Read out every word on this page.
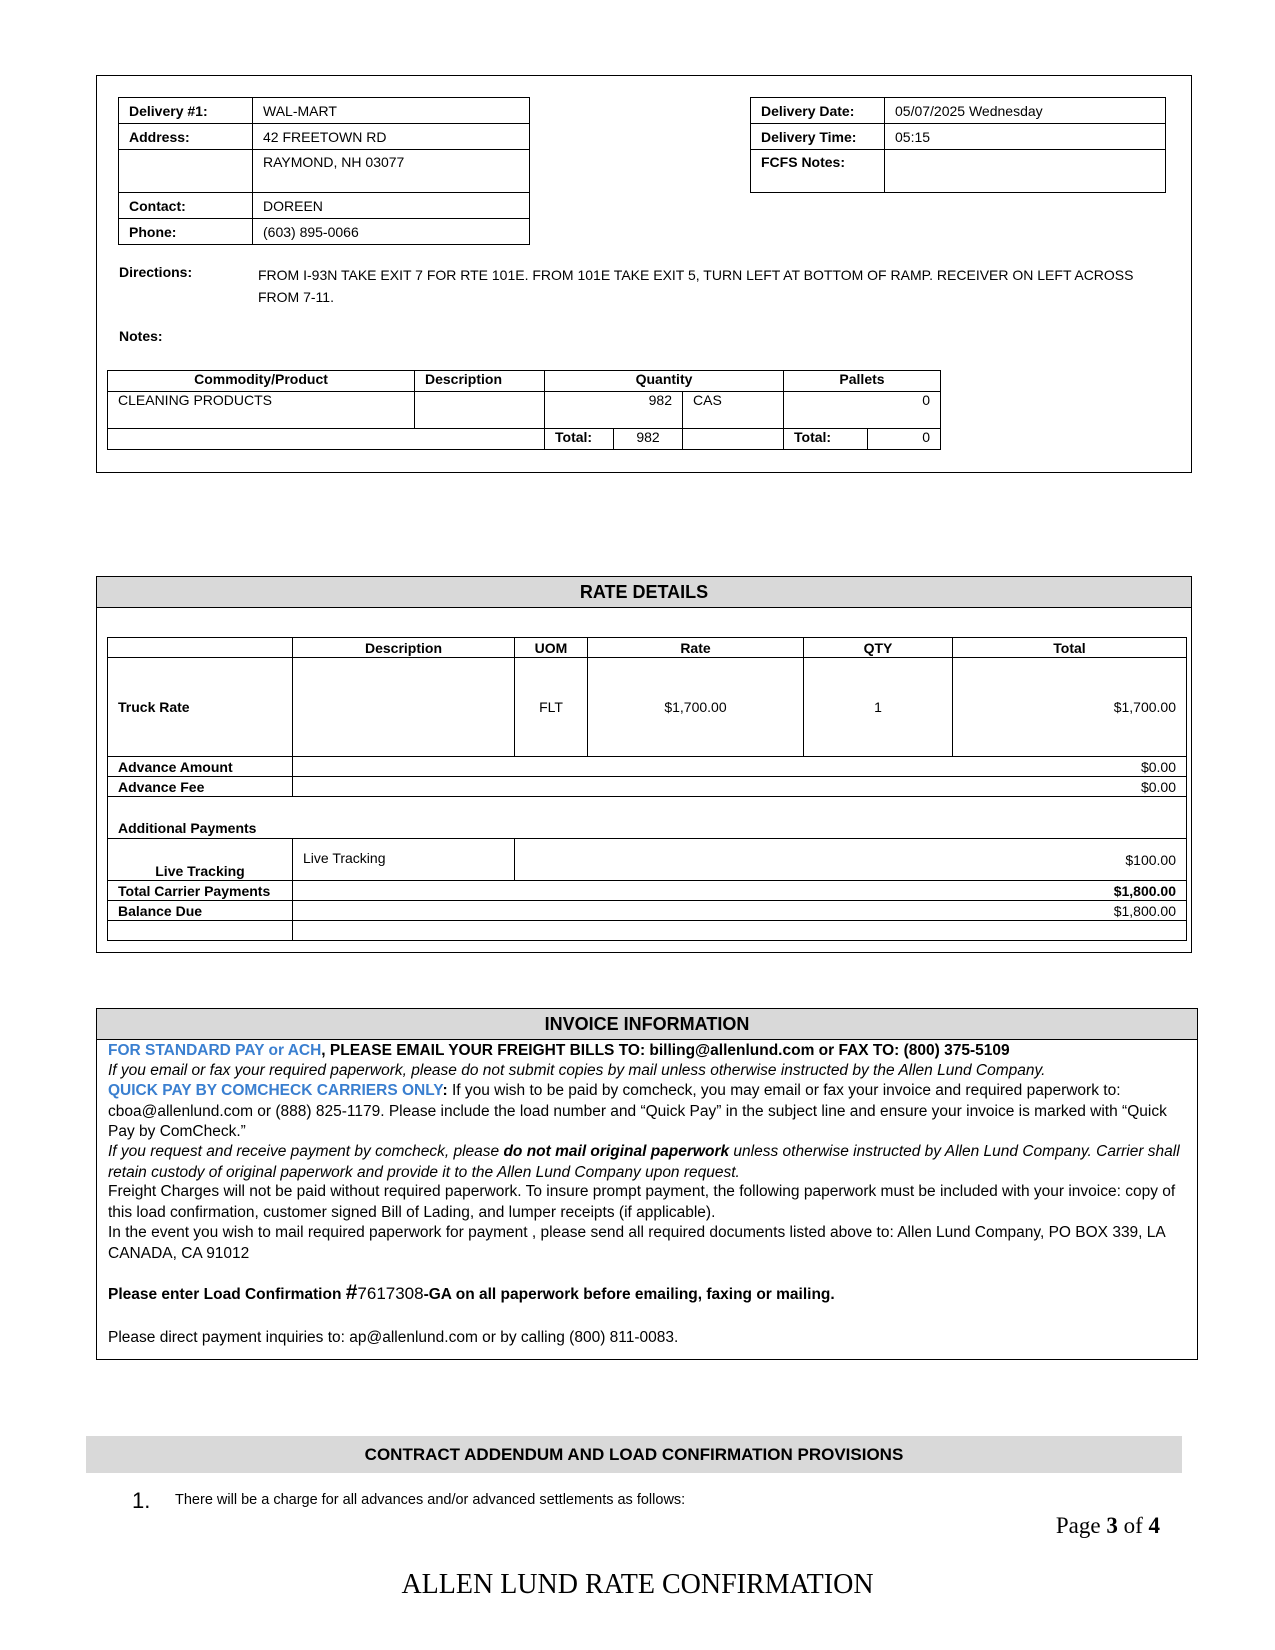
Delivery #1:	WAL-MART
Address:	42 FREETOWN RD
	RAYMOND, NH 03077
Contact:	DOREEN
Phone:	(603) 895-0066
Delivery Date:	05/07/2025 Wednesday
Delivery Time:	05:15
FCFS Notes:	
Directions:	FROM I-93N TAKE EXIT 7 FOR RTE 101E. FROM 101E TAKE EXIT 5, TURN LEFT AT BOTTOM OF RAMP. RECEIVER ON LEFT ACROSS FROM 7-11.
Notes:
Commodity/Product	Description	Quantity			Pallets	
CLEANING PRODUCTS		982		CAS	0	
		Total:	982		Total:	0
RATE DETAILS
	Description	UOM	Rate	QTY	Total
Truck Rate		FLT	$1,700.00	1	$1,700.00
Advance Amount	$0.00				
Advance Fee	$0.00				
Additional Payments					
Live Tracking	Live Tracking	$100.00			
Total Carrier Payments	$1,800.00				
Balance Due	$1,800.00				

INVOICE INFORMATION
FOR STANDARD PAY or ACH, PLEASE EMAIL YOUR FREIGHT BILLS TO: billing@allenlund.com or FAX TO: (800) 375-5109
If you email or fax your required paperwork, please do not submit copies by mail unless otherwise instructed by the Allen Lund Company.
QUICK PAY BY COMCHECK CARRIERS ONLY: If you wish to be paid by comcheck, you may email or fax your invoice and required paperwork to: cboa@allenlund.com or (888) 825-1179. Please include the load number and “Quick Pay” in the subject line and ensure your invoice is marked with “Quick Pay by ComCheck.”
If you request and receive payment by comcheck, please do not mail original paperwork unless otherwise instructed by Allen Lund Company. Carrier shall retain custody of original paperwork and provide it to the Allen Lund Company upon request.
Freight Charges will not be paid without required paperwork. To insure prompt payment, the following paperwork must be included with your invoice: copy of this load confirmation, customer signed Bill of Lading, and lumper receipts (if applicable).
In the event you wish to mail required paperwork for payment , please send all required documents listed above to: Allen Lund Company, PO BOX 339, LA CANADA, CA 91012
Please enter Load Confirmation #7617308-GA on all paperwork before emailing, faxing or mailing.
Please direct payment inquiries to: ap@allenlund.com or by calling (800) 811-0083.
CONTRACT ADDENDUM AND LOAD CONFIRMATION PROVISIONS
1. There will be a charge for all advances and/or advanced settlements as follows:
Page 3 of 4
ALLEN LUND RATE CONFIRMATION
